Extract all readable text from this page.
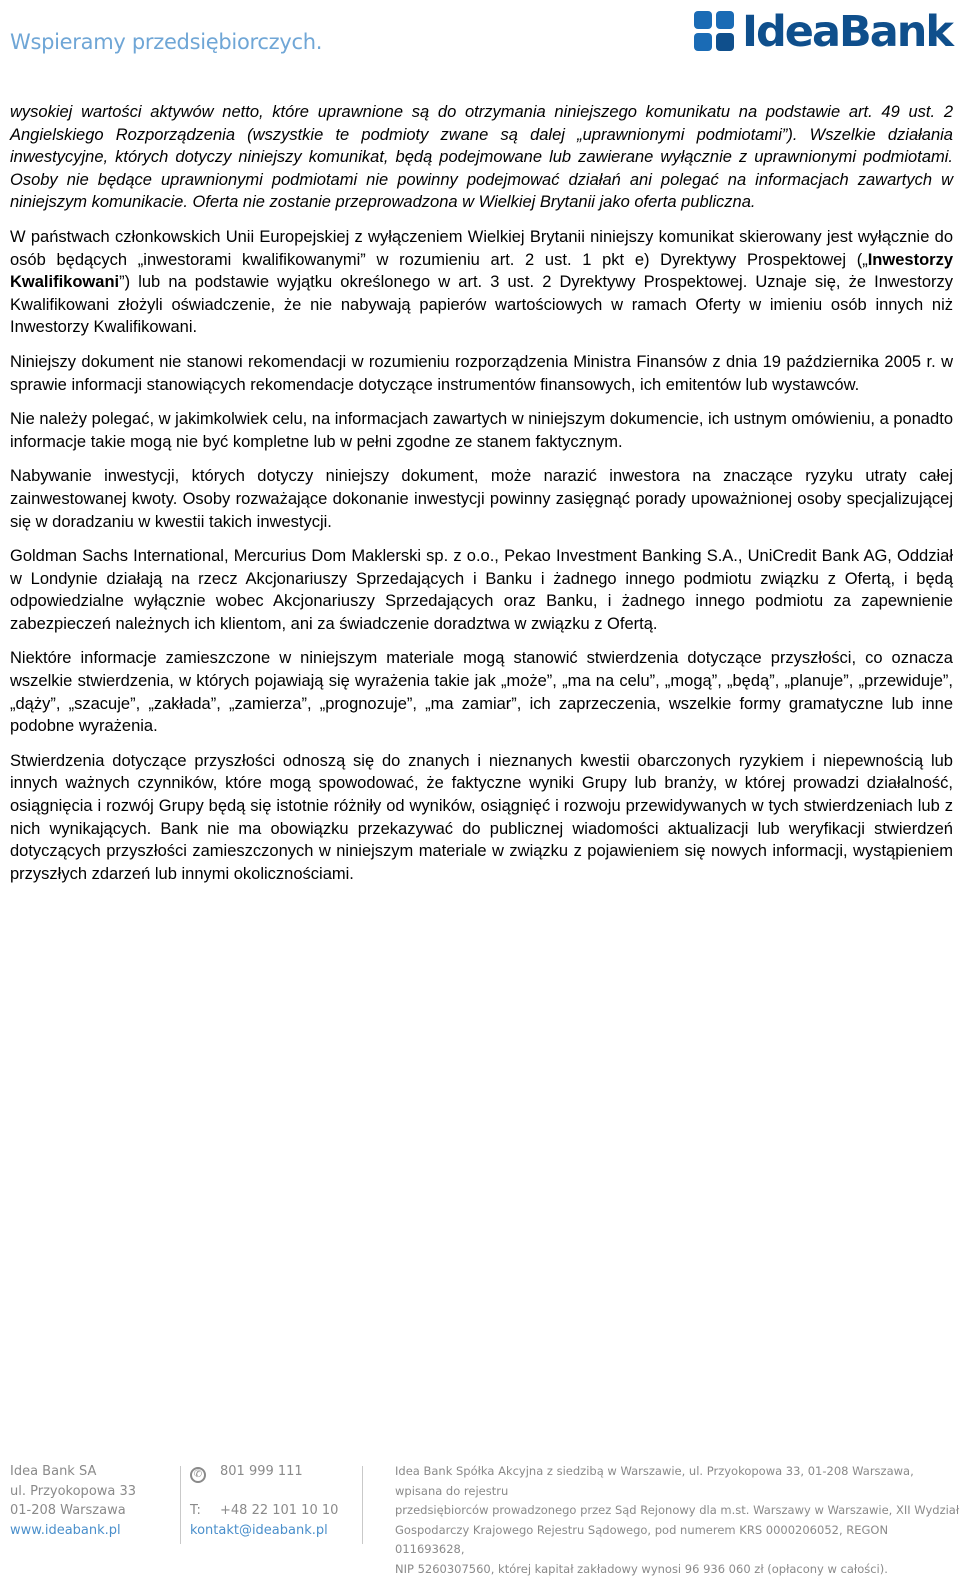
Wspieramy przedsiębiorczych.	IdeaBank

wysokiej wartości aktywów netto, które uprawnione są do otrzymania niniejszego komunikatu na podstawie art. 49 ust. 2 Angielskiego Rozporządzenia (wszystkie te podmioty zwane są dalej „uprawnionymi podmiotami”). Wszelkie działania inwestycyjne, których dotyczy niniejszy komunikat, będą podejmowane lub zawierane wyłącznie z uprawnionymi podmiotami. Osoby nie będące uprawnionymi podmiotami nie powinny podejmować działań ani polegać na informacjach zawartych w niniejszym komunikacie. Oferta nie zostanie przeprowadzona w Wielkiej Brytanii jako oferta publiczna.

W państwach członkowskich Unii Europejskiej z wyłączeniem Wielkiej Brytanii niniejszy komunikat skierowany jest wyłącznie do osób będących „inwestorami kwalifikowanymi” w rozumieniu art. 2 ust. 1 pkt e) Dyrektywy Prospektowej („Inwestorzy Kwalifikowani”) lub na podstawie wyjątku określonego w art. 3 ust. 2 Dyrektywy Prospektowej. Uznaje się, że Inwestorzy Kwalifikowani złożyli oświadczenie, że nie nabywają papierów wartościowych w ramach Oferty w imieniu osób innych niż Inwestorzy Kwalifikowani.

Niniejszy dokument nie stanowi rekomendacji w rozumieniu rozporządzenia Ministra Finansów z dnia 19 października 2005 r. w sprawie informacji stanowiących rekomendacje dotyczące instrumentów finansowych, ich emitentów lub wystawców.

Nie należy polegać, w jakimkolwiek celu, na informacjach zawartych w niniejszym dokumencie, ich ustnym omówieniu, a ponadto informacje takie mogą nie być kompletne lub w pełni zgodne ze stanem faktycznym.

Nabywanie inwestycji, których dotyczy niniejszy dokument, może narazić inwestora na znaczące ryzyku utraty całej zainwestowanej kwoty. Osoby rozważające dokonanie inwestycji powinny zasięgnąć porady upoważnionej osoby specjalizującej się w doradzaniu w kwestii takich inwestycji.

Goldman Sachs International, Mercurius Dom Maklerski sp. z o.o., Pekao Investment Banking S.A., UniCredit Bank AG, Oddział w Londynie działają na rzecz Akcjonariuszy Sprzedających i Banku i żadnego innego podmiotu związku z Ofertą, i będą odpowiedzialne wyłącznie wobec Akcjonariuszy Sprzedających oraz Banku, i żadnego innego podmiotu za zapewnienie zabezpieczeń należnych ich klientom, ani za świadczenie doradztwa w związku z Ofertą.

Niektóre informacje zamieszczone w niniejszym materiale mogą stanowić stwierdzenia dotyczące przyszłości, co oznacza wszelkie stwierdzenia, w których pojawiają się wyrażenia takie jak „może”, „ma na celu”, „mogą”, „będą”, „planuje”, „przewiduje”, „dąży”, „szacuje”, „zakłada”, „zamierza”, „prognozuje”, „ma zamiar”, ich zaprzeczenia, wszelkie formy gramatyczne lub inne podobne wyrażenia.

Stwierdzenia dotyczące przyszłości odnoszą się do znanych i nieznanych kwestii obarczonych ryzykiem i niepewnością lub innych ważnych czynników, które mogą spowodować, że faktyczne wyniki Grupy lub branży, w której prowadzi działalność, osiągnięcia i rozwój Grupy będą się istotnie różniły od wyników, osiągnięć i rozwoju przewidywanych w tych stwierdzeniach lub z nich wynikających. Bank nie ma obowiązku przekazywać do publicznej wiadomości aktualizacji lub weryfikacji stwierdzeń dotyczących przyszłości zamieszczonych w niniejszym materiale w związku z pojawieniem się nowych informacji, wystąpieniem przyszłych zdarzeń lub innymi okolicznościami.

Idea Bank SA
ul. Przyokopowa 33
01-208 Warszawa
www.ideabank.pl
✆ 801 999 111

T: +48 22 101 10 10
kontakt@ideabank.pl
Idea Bank Spółka Akcyjna z siedzibą w Warszawie, ul. Przyokopowa 33, 01-208 Warszawa, wpisana do rejestru
przedsiębiorców prowadzonego przez Sąd Rejonowy dla m.st. Warszawy w Warszawie, XII Wydział
Gospodarczy Krajowego Rejestru Sądowego, pod numerem KRS 0000206052, REGON 011693628,
NIP 5260307560, której kapitał zakładowy wynosi 96 936 060 zł (opłacony w całości).
